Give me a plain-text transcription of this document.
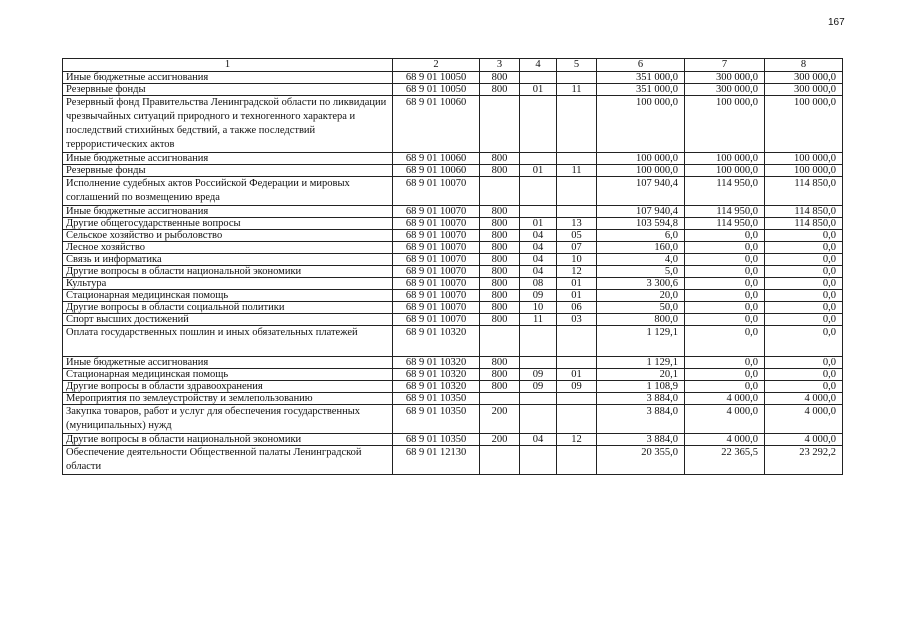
167
1	2	3	4	5	6	7	8
Иные бюджетные ассигнования	68 9 01 10050	800			351 000,0	300 000,0	300 000,0
Резервные фонды	68 9 01 10050	800	01	11	351 000,0	300 000,0	300 000,0
Резервный фонд Правительства Ленинградской области по ликвидации чрезвычайных ситуаций природного и техногенного характера и последствий стихийных бедствий, а также последствий террористических актов	68 9 01 10060				100 000,0	100 000,0	100 000,0
Иные бюджетные ассигнования	68 9 01 10060	800			100 000,0	100 000,0	100 000,0
Резервные фонды	68 9 01 10060	800	01	11	100 000,0	100 000,0	100 000,0
Исполнение судебных актов Российской Федерации и мировых соглашений по возмещению вреда	68 9 01 10070				107 940,4	114 950,0	114 850,0
Иные бюджетные ассигнования	68 9 01 10070	800			107 940,4	114 950,0	114 850,0
Другие общегосударственные вопросы	68 9 01 10070	800	01	13	103 594,8	114 950,0	114 850,0
Сельское хозяйство и рыболовство	68 9 01 10070	800	04	05	6,0	0,0	0,0
Лесное хозяйство	68 9 01 10070	800	04	07	160,0	0,0	0,0
Связь и информатика	68 9 01 10070	800	04	10	4,0	0,0	0,0
Другие вопросы в области национальной экономики	68 9 01 10070	800	04	12	5,0	0,0	0,0
Культура	68 9 01 10070	800	08	01	3 300,6	0,0	0,0
Стационарная медицинская помощь	68 9 01 10070	800	09	01	20,0	0,0	0,0
Другие вопросы в области социальной политики	68 9 01 10070	800	10	06	50,0	0,0	0,0
Спорт высших достижений	68 9 01 10070	800	11	03	800,0	0,0	0,0
Оплата государственных пошлин и иных обязательных платежей	68 9 01 10320				1 129,1	0,0	0,0
Иные бюджетные ассигнования	68 9 01 10320	800			1 129,1	0,0	0,0
Стационарная медицинская помощь	68 9 01 10320	800	09	01	20,1	0,0	0,0
Другие вопросы в области здравоохранения	68 9 01 10320	800	09	09	1 108,9	0,0	0,0
Мероприятия по землеустройству и землепользованию	68 9 01 10350				3 884,0	4 000,0	4 000,0
Закупка товаров, работ и услуг для обеспечения государственных (муниципальных) нужд	68 9 01 10350	200			3 884,0	4 000,0	4 000,0
Другие вопросы в области национальной экономики	68 9 01 10350	200	04	12	3 884,0	4 000,0	4 000,0
Обеспечение деятельности Общественной палаты Ленинградской области	68 9 01 12130				20 355,0	22 365,5	23 292,2
